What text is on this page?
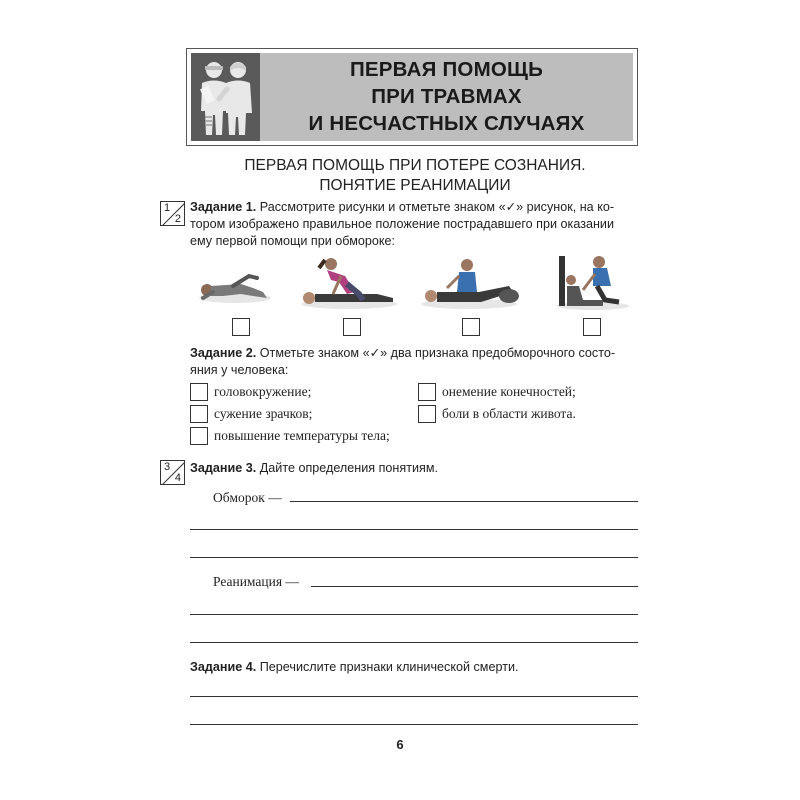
ПЕРВАЯ ПОМОЩЬ
ПРИ ТРАВМАХ
И НЕСЧАСТНЫХ СЛУЧАЯХ
ПЕРВАЯ ПОМОЩЬ ПРИ ПОТЕРЕ СОЗНАНИЯ.
ПОНЯТИЕ РЕАНИМАЦИИ
1
2
Задание 1. Рассмотрите рисунки и отметьте знаком «✓» рисунок, на ко-
тором изображено правильное положение пострадавшего при оказании
ему первой помощи при обмороке:
Задание 2. Отметьте знаком «✓» два признака предобморочного состо-
яния у человека:
головокружение;
сужение зрачков;
повышение температуры тела;
онемение конечностей;
боли в области живота.
3
4
Задание 3. Дайте определения понятиям.
Обморок —
Реанимация —
Задание 4. Перечислите признаки клинической смерти.
6
